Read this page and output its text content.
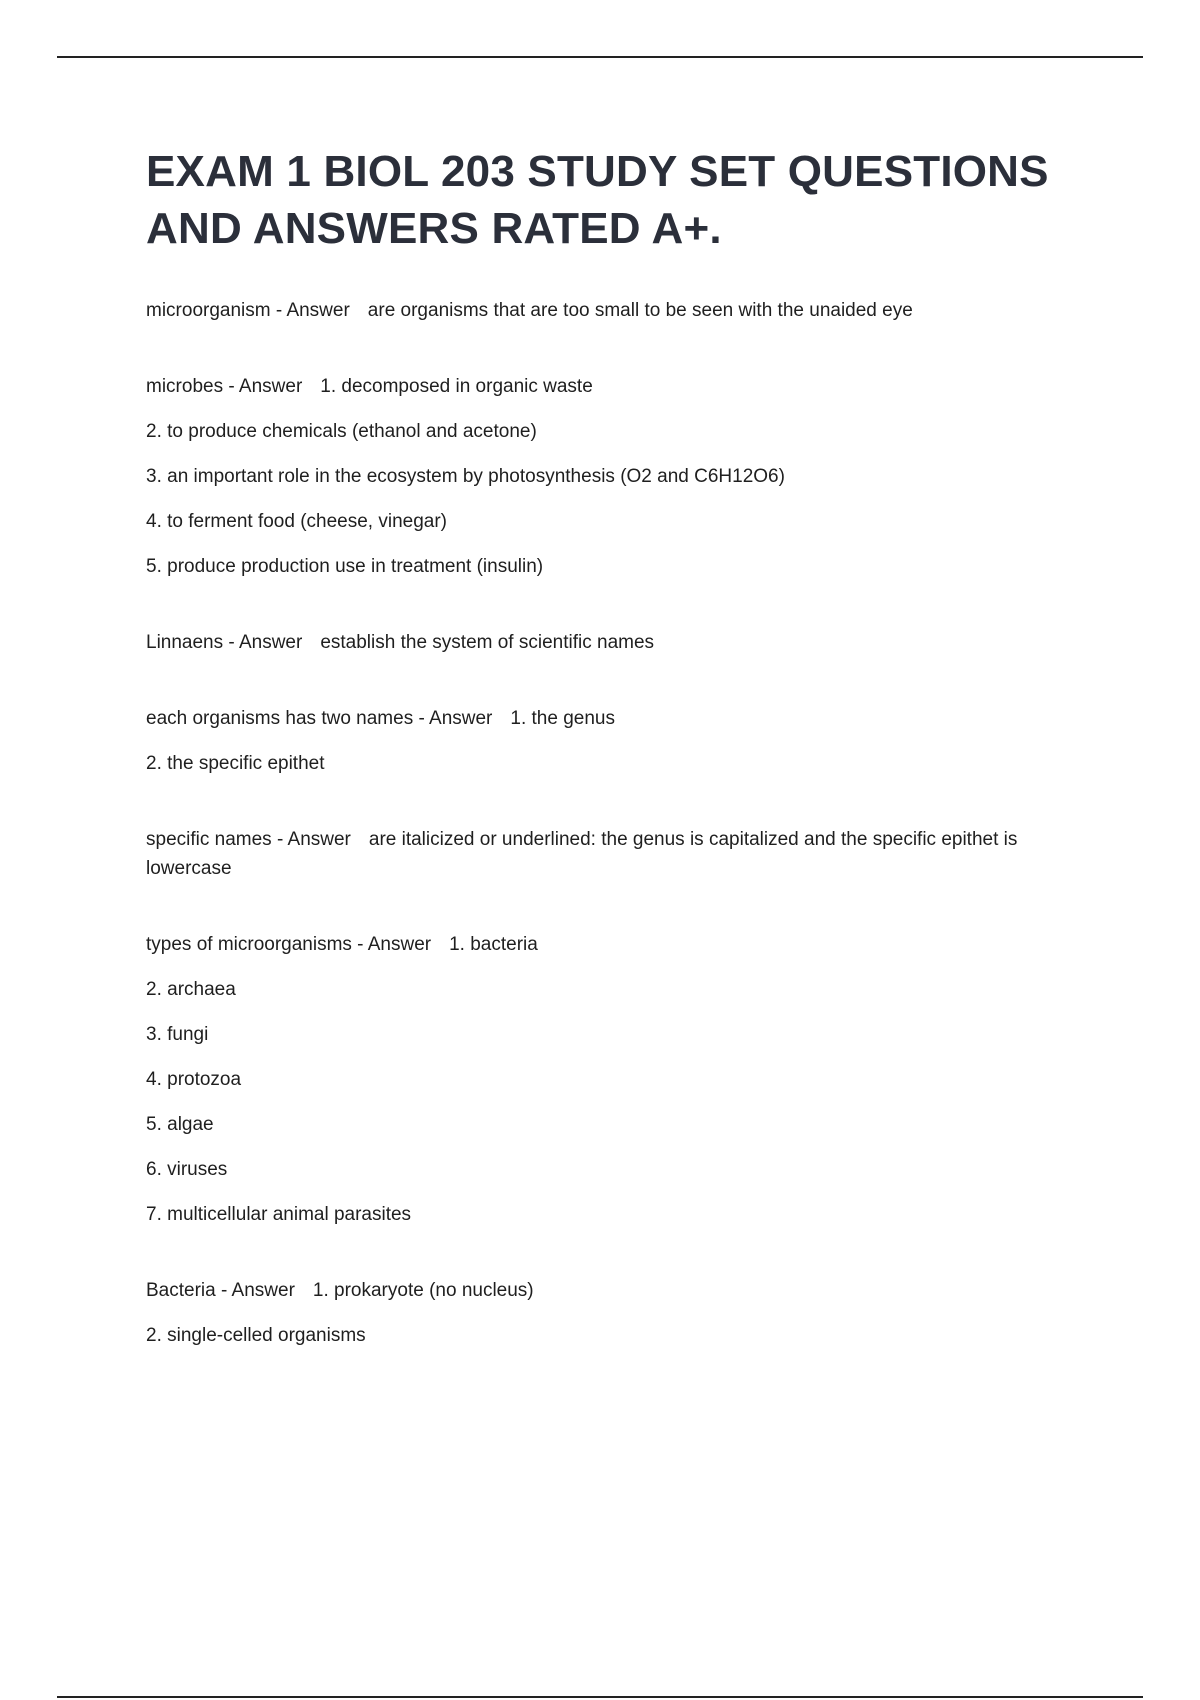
EXAM 1 BIOL 203 STUDY SET QUESTIONS AND ANSWERS RATED A+.
microorganism - Answer are organisms that are too small to be seen with the unaided eye
microbes - Answer 1. decomposed in organic waste
2. to produce chemicals (ethanol and acetone)
3. an important role in the ecosystem by photosynthesis (O2 and C6H12O6)
4. to ferment food (cheese, vinegar)
5. produce production use in treatment (insulin)
Linnaens - Answer establish the system of scientific names
each organisms has two names - Answer 1. the genus
2. the specific epithet
specific names - Answer are italicized or underlined: the genus is capitalized and the specific epithet is lowercase
types of microorganisms - Answer 1. bacteria
2. archaea
3. fungi
4. protozoa
5. algae
6. viruses
7. multicellular animal parasites
Bacteria - Answer 1. prokaryote (no nucleus)
2. single-celled organisms
